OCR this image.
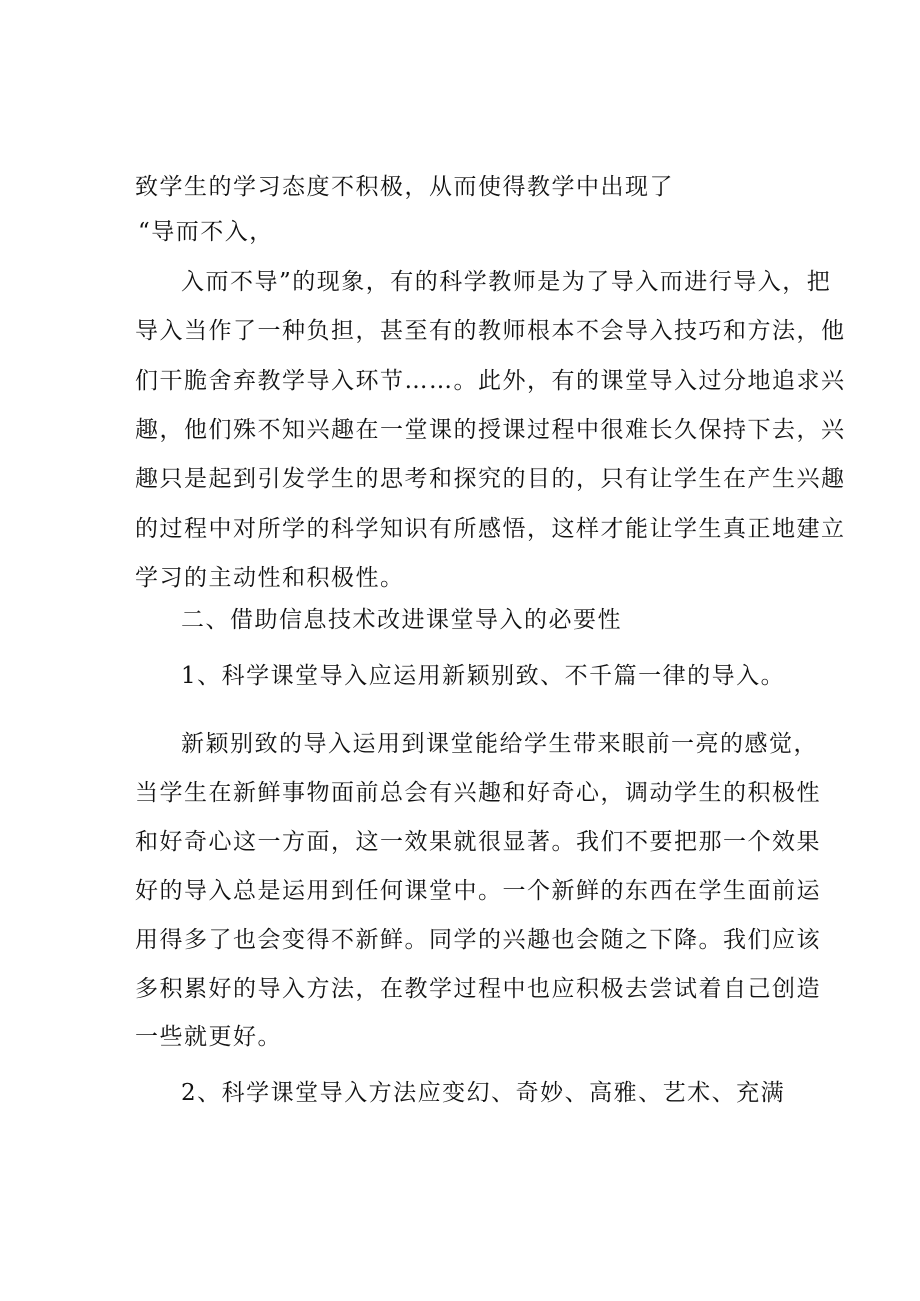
致学生的学习态度不积极，从而使得教学中出现了
“导而不入，
入而不导”的现象，有的科学教师是为了导入而进行导入，把
导入当作了一种负担，甚至有的教师根本不会导入技巧和方法，他
们干脆舍弃教学导入环节……。此外，有的课堂导入过分地追求兴
趣，他们殊不知兴趣在一堂课的授课过程中很难长久保持下去，兴
趣只是起到引发学生的思考和探究的目的，只有让学生在产生兴趣
的过程中对所学的科学知识有所感悟，这样才能让学生真正地建立
学习的主动性和积极性。
二、借助信息技术改进课堂导入的必要性
1、科学课堂导入应运用新颖别致、不千篇一律的导入。
新颖别致的导入运用到课堂能给学生带来眼前一亮的感觉，
当学生在新鲜事物面前总会有兴趣和好奇心，调动学生的积极性
和好奇心这一方面，这一效果就很显著。我们不要把那一个效果
好的导入总是运用到任何课堂中。一个新鲜的东西在学生面前运
用得多了也会变得不新鲜。同学的兴趣也会随之下降。我们应该
多积累好的导入方法，在教学过程中也应积极去尝试着自己创造
一些就更好。
2、科学课堂导入方法应变幻、奇妙、高雅、艺术、充满
